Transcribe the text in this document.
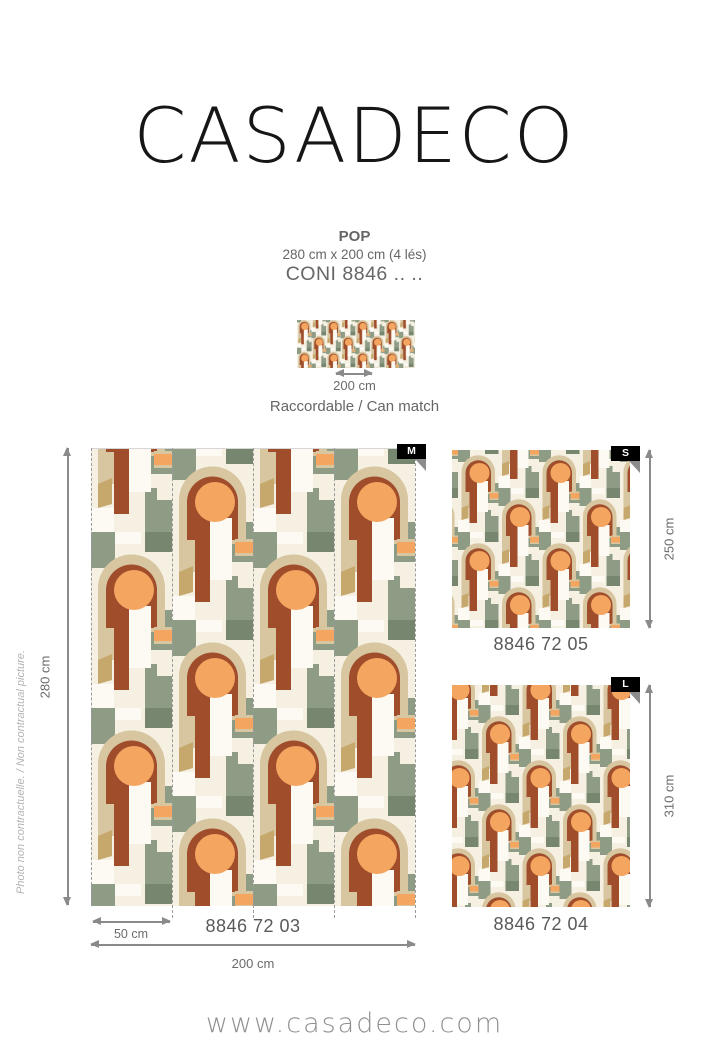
CASADECO
POP
280 cm x 200 cm (4 lés)
CONI 8846 .. ..
200 cm
Raccordable / Can match
M
280 cm
Photo non contractuelle. / Non contractual picture.
50 cm	8846 72 03
200 cm
S
250 cm
8846 72 05
L
310 cm
8846 72 04
www.casadeco.com
